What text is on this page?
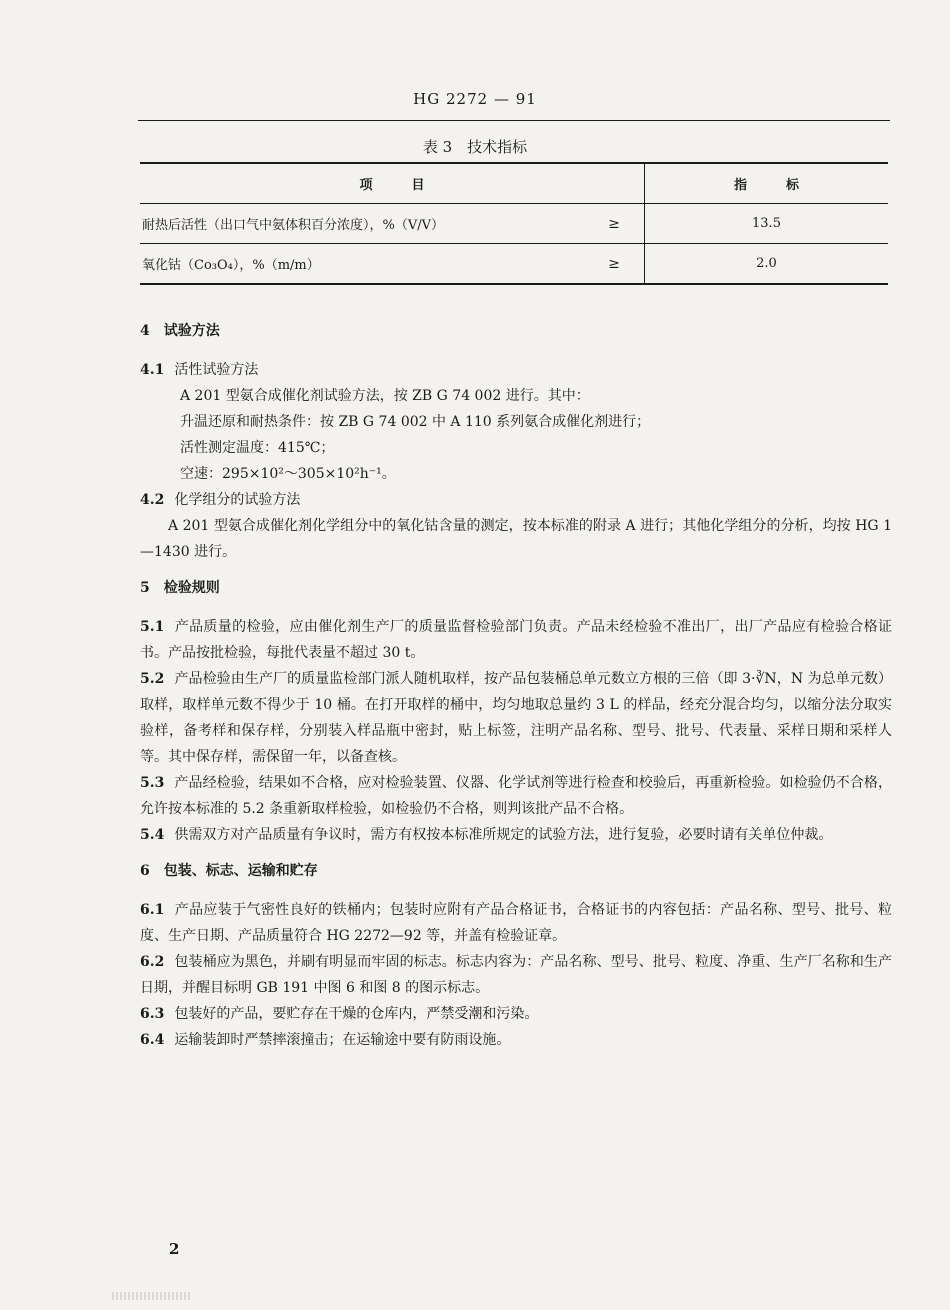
HG 2272 — 91
表 3　技术指标
项　　　目		指　　　标
耐热后活性（出口气中氨体积百分浓度），%（V/V）	≥	13.5
氧化钴（Co₃O₄），%（m/m）	≥	2.0

4　试验方法

4.1 活性试验方法

A 201 型氨合成催化剂试验方法，按 ZB G 74 002 进行。其中：

升温还原和耐热条件：按 ZB G 74 002 中 A 110 系列氨合成催化剂进行；

活性测定温度：415℃；

空速：295×10²～305×10²h⁻¹。

4.2 化学组分的试验方法

A 201 型氨合成催化剂化学组分中的氧化钴含量的测定，按本标准的附录 A 进行；其他化学组分的分析，均按 HG 1—1430 进行。

5　检验规则

5.1 产品质量的检验，应由催化剂生产厂的质量监督检验部门负责。产品未经检验不准出厂，出厂产品应有检验合格证书。产品按批检验，每批代表量不超过 30 t。

5.2 产品检验由生产厂的质量监检部门派人随机取样，按产品包装桶总单元数立方根的三倍（即 3·∛N，N 为总单元数）取样，取样单元数不得少于 10 桶。在打开取样的桶中，均匀地取总量约 3 L 的样品，经充分混合均匀，以缩分法分取实验样，备考样和保存样，分别装入样品瓶中密封，贴上标签，注明产品名称、型号、批号、代表量、采样日期和采样人等。其中保存样，需保留一年，以备查核。

5.3 产品经检验，结果如不合格，应对检验装置、仪器、化学试剂等进行检查和校验后，再重新检验。如检验仍不合格，允许按本标准的 5.2 条重新取样检验，如检验仍不合格，则判该批产品不合格。

5.4 供需双方对产品质量有争议时，需方有权按本标准所规定的试验方法，进行复验，必要时请有关单位仲裁。

6　包装、标志、运输和贮存

6.1 产品应装于气密性良好的铁桶内；包装时应附有产品合格证书，合格证书的内容包括：产品名称、型号、批号、粒度、生产日期、产品质量符合 HG 2272—92 等，并盖有检验证章。

6.2 包装桶应为黑色，并刷有明显而牢固的标志。标志内容为：产品名称、型号、批号、粒度、净重、生产厂名称和生产日期，并醒目标明 GB 191 中图 6 和图 8 的图示标志。

6.3 包装好的产品，要贮存在干燥的仓库内，严禁受潮和污染。

6.4 运输装卸时严禁摔滚撞击；在运输途中要有防雨设施。

2
